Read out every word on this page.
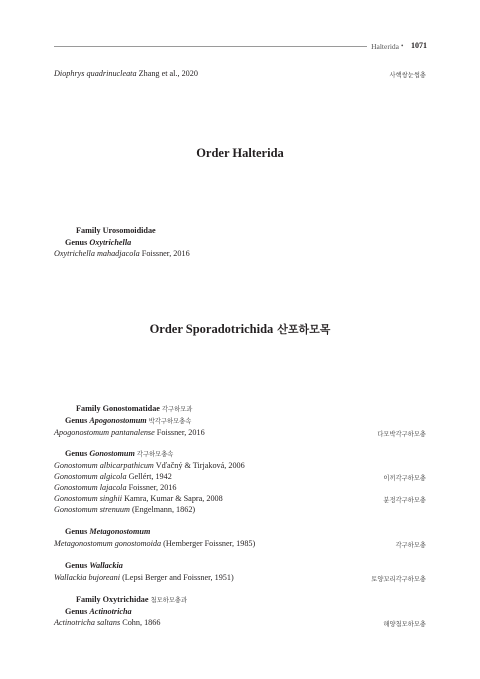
Halterida • 1071
Diophrys quadrinucleata Zhang et al., 2020	사핵쌍눈썹충
Order Halterida
Family Urosomoididae
Genus Oxytrichella
Oxytrichella mahadjacola Foissner, 2016
Order Sporadotrichida 산포하모목
Family Gonostomatidae 각구하모과
Genus Apogonostomum 박각구하모충속
Apogonostomum pantanalense Foissner, 2016	다모박각구하모충
Genus Gonostomum 각구하모충속
Gonostomum albicarpathicum Vďačný & Tirjaková, 2006
Gonostomum algicola Gellért, 1942	이끼각구하모충
Gonostomum lajacola Foissner, 2016
Gonostomum singhii Kamra, Kumar & Sapra, 2008	분정각구하모충
Gonostomum strenuum (Engelmann, 1862)
Genus Metagonostomum
Metagonostomum gonostomoida (Hemberger Foissner, 1985)	각구하모충
Genus Wallackia
Wallackia bujoreani (Lepsi Berger and Foissner, 1951)	토양꼬리각구하모충
Family Oxytrichidae 첨모하모충과
Genus Actinotricha
Actinotricha saltans Cohn, 1866	해양첨모하모충
